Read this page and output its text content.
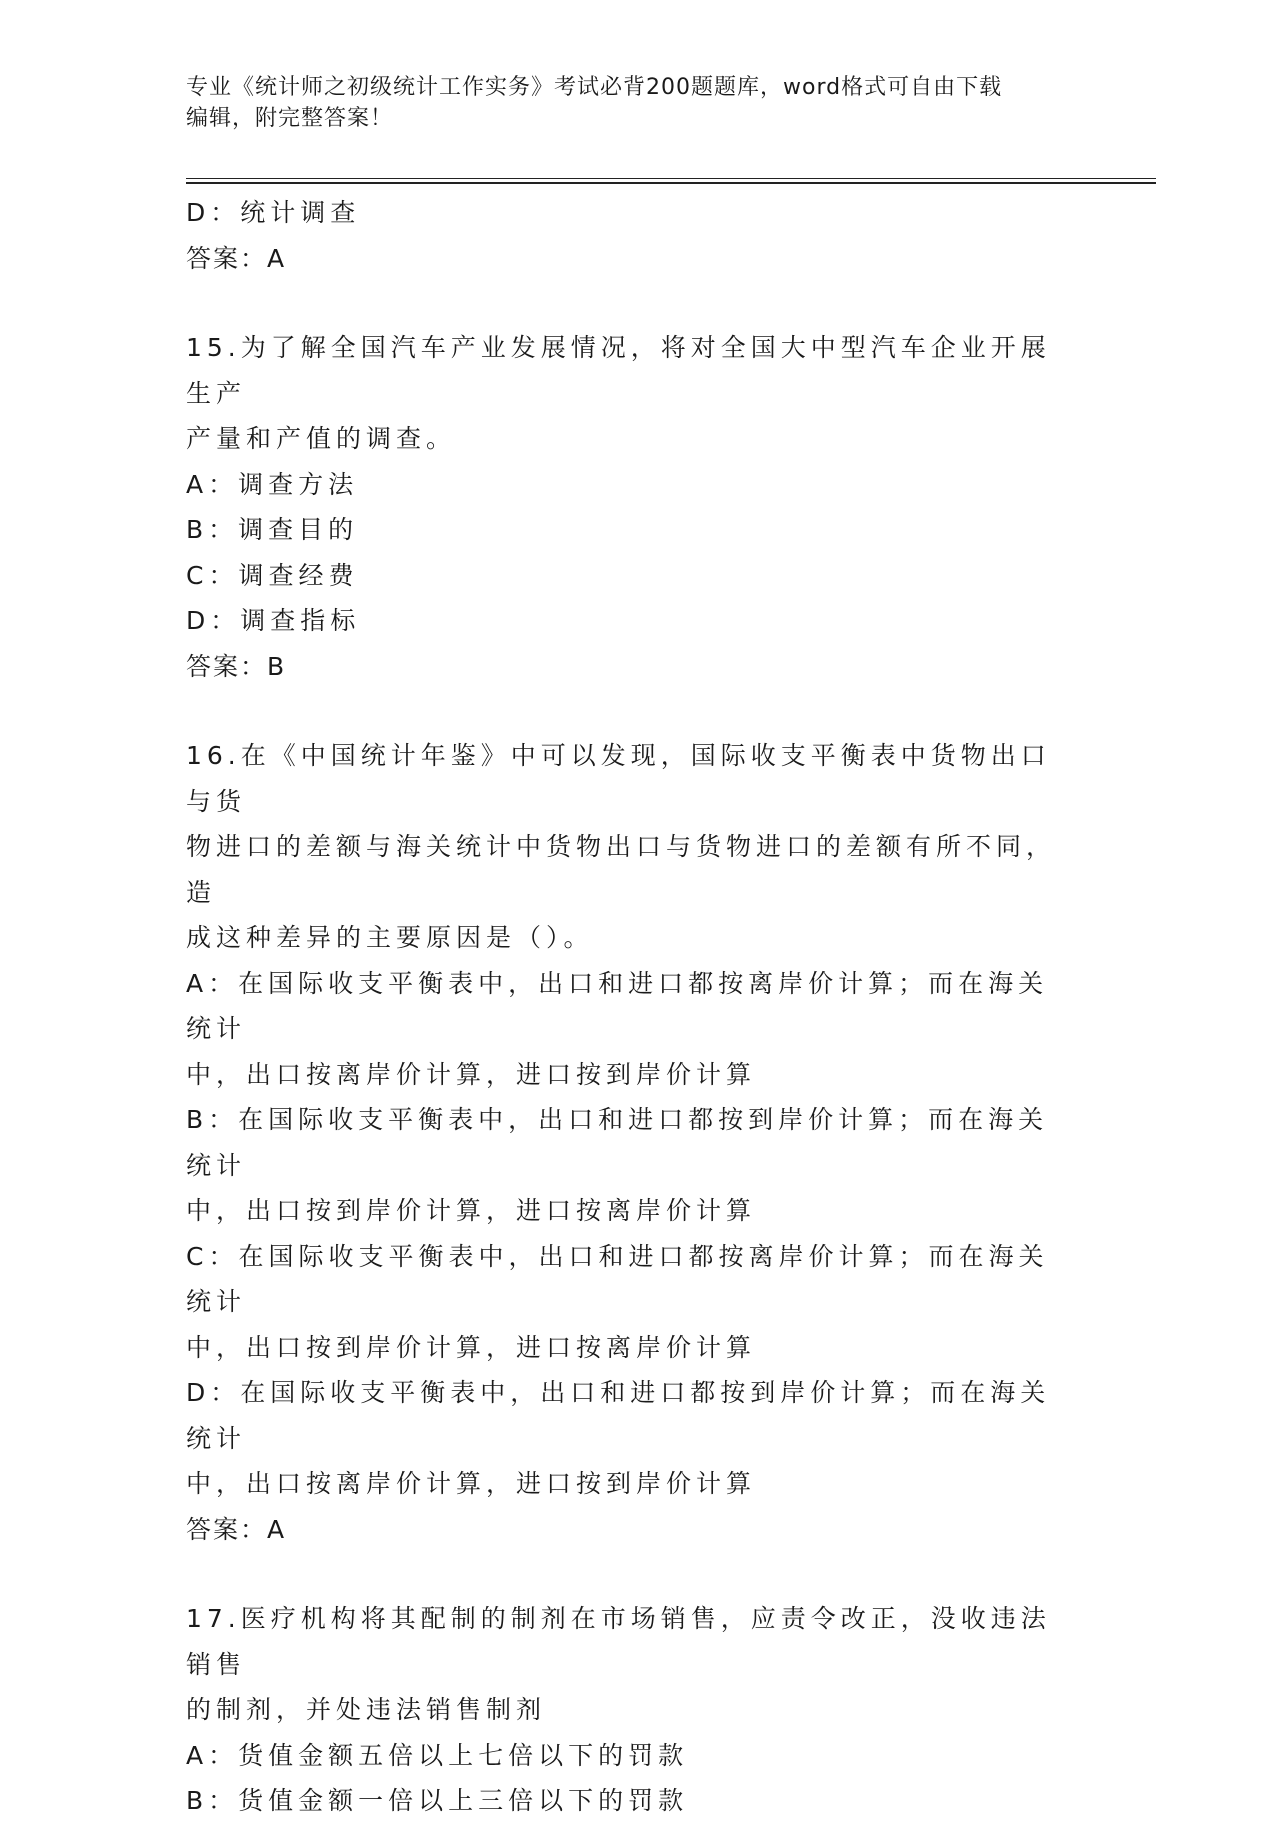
专业《统计师之初级统计工作实务》考试必背200题题库，word格式可自由下载
编辑，附完整答案！
D：统计调查
答案：A
15.为了解全国汽车产业发展情况，将对全国大中型汽车企业开展生产
产量和产值的调查。
A：调查方法
B：调查目的
C：调查经费
D：调查指标
答案：B
16.在《中国统计年鉴》中可以发现，国际收支平衡表中货物出口与货
物进口的差额与海关统计中货物出口与货物进口的差额有所不同，造
成这种差异的主要原因是（）。
A：在国际收支平衡表中，出口和进口都按离岸价计算；而在海关统计
中，出口按离岸价计算，进口按到岸价计算
B：在国际收支平衡表中，出口和进口都按到岸价计算；而在海关统计
中，出口按到岸价计算，进口按离岸价计算
C：在国际收支平衡表中，出口和进口都按离岸价计算；而在海关统计
中，出口按到岸价计算，进口按离岸价计算
D：在国际收支平衡表中，出口和进口都按到岸价计算；而在海关统计
中，出口按离岸价计算，进口按到岸价计算
答案：A
17.医疗机构将其配制的制剂在市场销售，应责令改正，没收违法销售
的制剂，并处违法销售制剂
A：货值金额五倍以上七倍以下的罚款
B：货值金额一倍以上三倍以下的罚款
